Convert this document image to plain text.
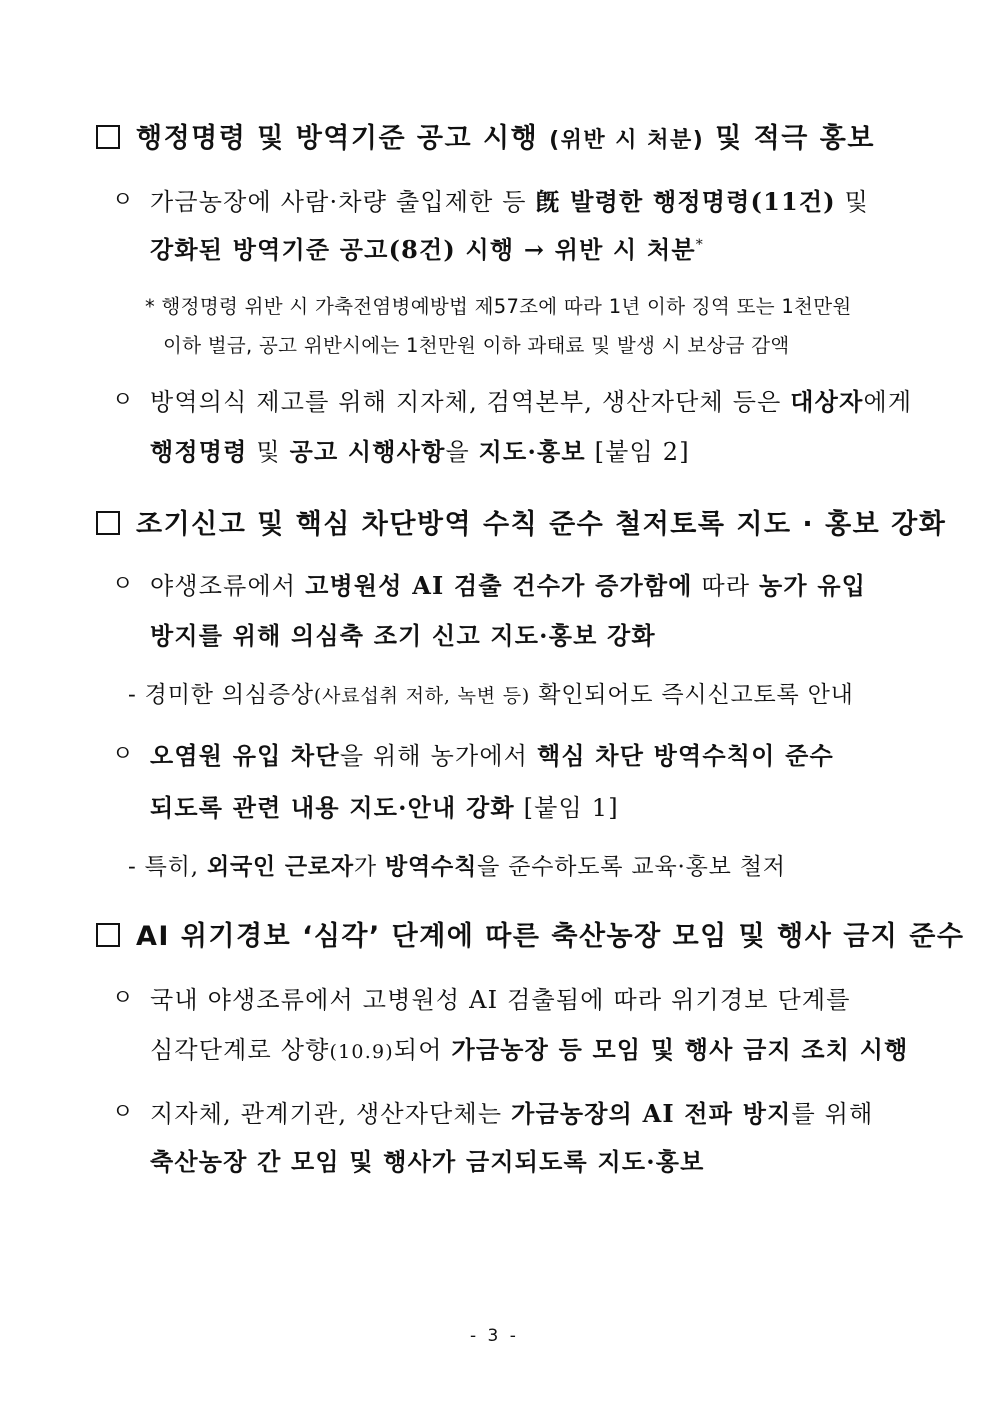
행정명령 및 방역기준 공고 시행 (위반 시 처분) 및 적극 홍보
ㅇ 가금농장에 사람·차량 출입제한 등 旣 발령한 행정명령(11건) 및
강화된 방역기준 공고(8건) 시행 → 위반 시 처분*
* 행정명령 위반 시 가축전염병예방법 제57조에 따라 1년 이하 징역 또는 1천만원
이하 벌금, 공고 위반시에는 1천만원 이하 과태료 및 발생 시 보상금 감액
ㅇ 방역의식 제고를 위해 지자체, 검역본부, 생산자단체 등은 대상자에게
행정명령 및 공고 시행사항을 지도·홍보 [붙임 2]
조기신고 및 핵심 차단방역 수칙 준수 철저토록 지도 · 홍보 강화
ㅇ 야생조류에서 고병원성 AI 검출 건수가 증가함에 따라 농가 유입
방지를 위해 의심축 조기 신고 지도·홍보 강화
- 경미한 의심증상(사료섭취 저하, 녹변 등) 확인되어도 즉시신고토록 안내
ㅇ 오염원 유입 차단을 위해 농가에서 핵심 차단 방역수칙이 준수
되도록 관련 내용 지도·안내 강화 [붙임 1]
- 특히, 외국인 근로자가 방역수칙을 준수하도록 교육·홍보 철저
AI 위기경보 ‘심각’ 단계에 따른 축산농장 모임 및 행사 금지 준수
ㅇ 국내 야생조류에서 고병원성 AI 검출됨에 따라 위기경보 단계를
심각단계로 상향(10.9)되어 가금농장 등 모임 및 행사 금지 조치 시행
ㅇ 지자체, 관계기관, 생산자단체는 가금농장의 AI 전파 방지를 위해
축산농장 간 모임 및 행사가 금지되도록 지도·홍보
- 3 -
